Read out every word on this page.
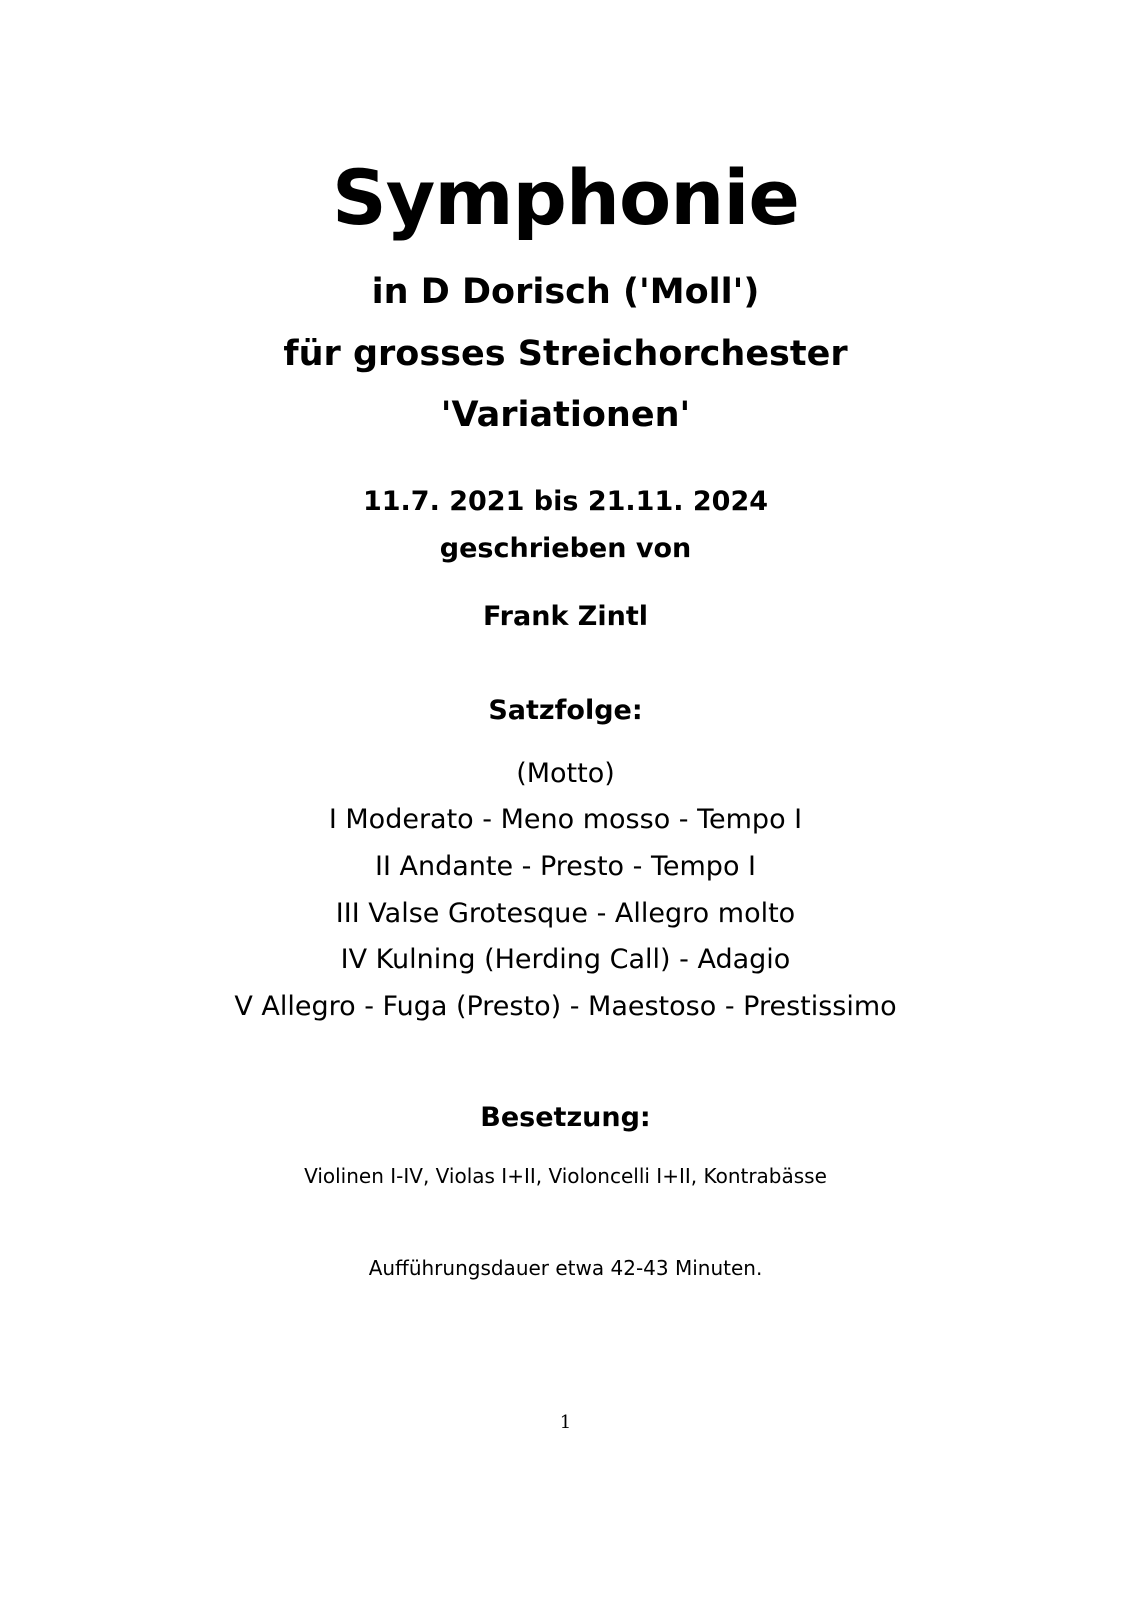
Symphonie
in D Dorisch ('Moll')
für grosses Streichorchester
'Variationen'
11.7. 2021 bis 21.11. 2024
geschrieben von
Frank Zintl
Satzfolge:
(Motto)
I Moderato - Meno mosso - Tempo I
II Andante - Presto - Tempo I
III Valse Grotesque - Allegro molto
IV Kulning (Herding Call) - Adagio
V Allegro - Fuga (Presto) - Maestoso - Prestissimo
Besetzung:
Violinen I-IV, Violas I+II, Violoncelli I+II, Kontrabässe
Aufführungsdauer etwa 42-43 Minuten.
1
